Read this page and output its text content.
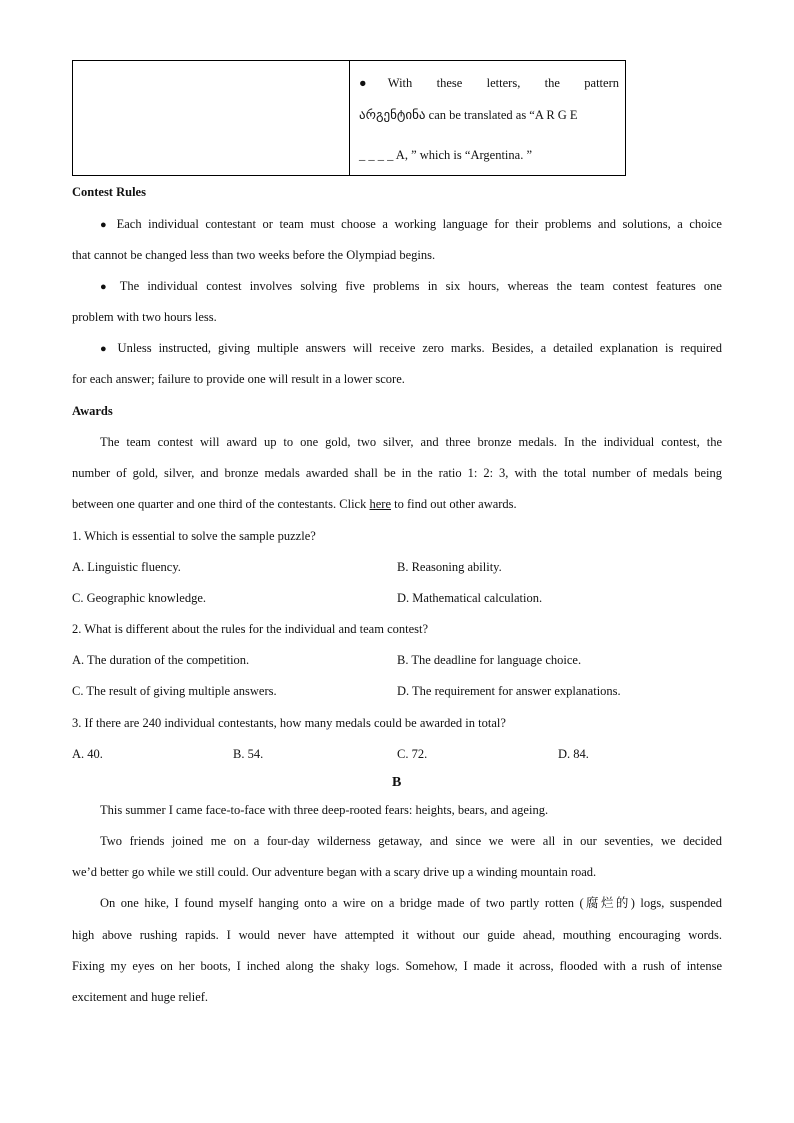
●With these letters, the pattern
არგენტინა can be translated as “A R G E
_ _ _ _ A, ” which is “Argentina. ”
Contest Rules
● Each individual contestant or team must choose a working language for their problems and solutions, a choice
that cannot be changed less than two weeks before the Olympiad begins.
● The individual contest involves solving five problems in six hours, whereas the team contest features one
problem with two hours less.
● Unless instructed, giving multiple answers will receive zero marks. Besides, a detailed explanation is required
for each answer; failure to provide one will result in a lower score.
Awards
The team contest will award up to one gold, two silver, and three bronze medals. In the individual contest, the
number of gold, silver, and bronze medals awarded shall be in the ratio 1: 2: 3, with the total number of medals being
between one quarter and one third of the contestants. Click here to find out other awards.
1. Which is essential to solve the sample puzzle?
A. Linguistic fluency.	B. Reasoning ability.
C. Geographic knowledge.	D. Mathematical calculation.
2. What is different about the rules for the individual and team contest?
A. The duration of the competition.	B. The deadline for language choice.
C. The result of giving multiple answers.	D. The requirement for answer explanations.
3. If there are 240 individual contestants, how many medals could be awarded in total?
A. 40.	B. 54.	C. 72.	D. 84.
B
This summer I came face-to-face with three deep-rooted fears: heights, bears, and ageing.
Two friends joined me on a four-day wilderness getaway, and since we were all in our seventies, we decided
we’d better go while we still could. Our adventure began with a scary drive up a winding mountain road.
On one hike, I found myself hanging onto a wire on a bridge made of two partly rotten (腐烂的) logs, suspended
high above rushing rapids. I would never have attempted it without our guide ahead, mouthing encouraging words.
Fixing my eyes on her boots, I inched along the shaky logs. Somehow, I made it across, flooded with a rush of intense
excitement and huge relief.
